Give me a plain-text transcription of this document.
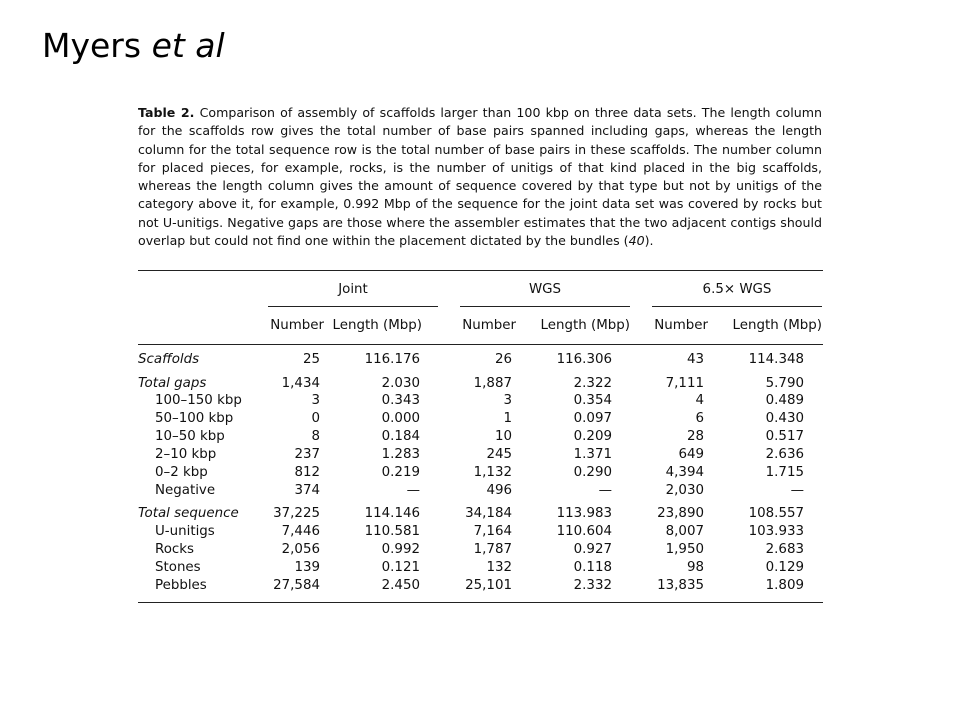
Myers et al

Table 2. Comparison of assembly of scaffolds larger than 100 kbp on three data sets. The length column for the scaffolds row gives the total number of base pairs spanned including gaps, whereas the length column for the total sequence row is the total number of base pairs in these scaffolds. The number column for placed pieces, for example, rocks, is the number of unitigs of that kind placed in the big scaffolds, whereas the length column gives the amount of sequence covered by that type but not by unitigs of the category above it, for example, 0.992 Mbp of the sequence for the joint data set was covered by rocks but not U-unitigs. Negative gaps are those where the assembler estimates that the two adjacent contigs should overlap but could not find one within the placement dictated by the bundles (40).

Joint	WGS	6.5× WGS
Number Length (Mbp)	Number	Length (Mbp)	Number	Length (Mbp)
Scaffolds	25	116.176	26	116.306	43	114.348
Total gaps	1,434	2.030	1,887	2.322	7,111	5.790
100–150 kbp	3	0.343	3	0.354	4	0.489
50–100 kbp	0	0.000	1	0.097	6	0.430
10–50 kbp	8	0.184	10	0.209	28	0.517
2–10 kbp	237	1.283	245	1.371	649	2.636
0–2 kbp	812	0.219	1,132	0.290	4,394	1.715
Negative	374	—	496	—	2,030	—
Total sequence	37,225	114.146	34,184	113.983	23,890	108.557
U-unitigs	7,446	110.581	7,164	110.604	8,007	103.933
Rocks	2,056	0.992	1,787	0.927	1,950	2.683
Stones	139	0.121	132	0.118	98	0.129
Pebbles	27,584	2.450	25,101	2.332	13,835	1.809
